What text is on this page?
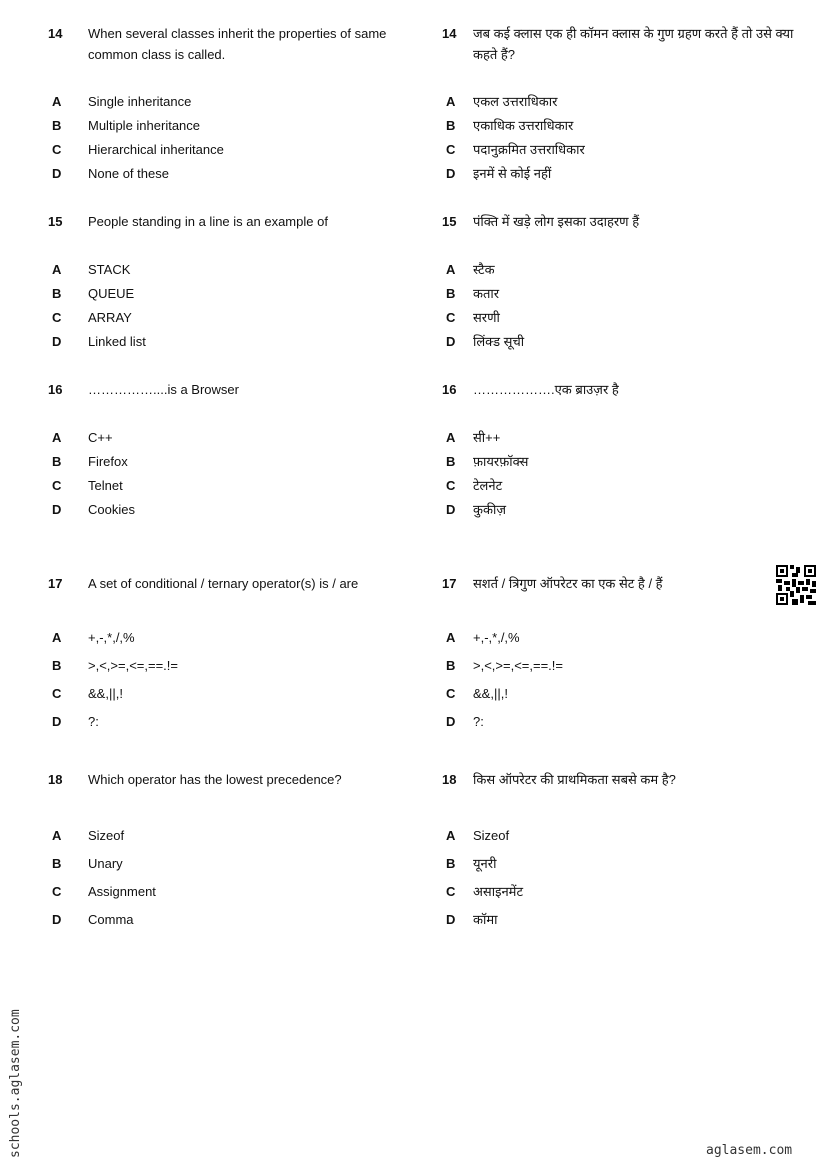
14 When several classes inherit the properties of same common class is called.
A Single inheritance
B Multiple inheritance
C Hierarchical inheritance
D None of these
15 People standing in a line is an example of
A STACK
B QUEUE
C ARRAY
D Linked list
16 ……………....is a Browser
A C++
B Firefox
C Telnet
D Cookies
17 A set of conditional / ternary operator(s) is / are
A +,-,*,/,%
B >,<,>=,<=,==.!=
C &&,||,!
D ?:
18 Which operator has the lowest precedence?
A Sizeof
B Unary
C Assignment
D Comma
14 जब कई क्लास एक ही कॉमन क्लास के गुण ग्रहण करते हैं तो उसे क्या कहते हैं?
A एकल उत्तराधिकार
B एकाधिक उत्तराधिकार
C पदानुक्रमित उत्तराधिकार
D इनमें से कोई नहीं
15 पंक्ति में खड़े लोग इसका उदाहरण हैं
A स्टैक
B कतार
C सरणी
D लिंक्ड सूची
16 ……………….एक ब्राउज़र है
A सी++
B फ़ायरफ़ॉक्स
C टेलनेट
D कुकीज़
17 सशर्त / त्रिगुण ऑपरेटर का एक सेट है / हैं
A +,-,*,/,%
B >,<,>=,<=,==.!=
C &&,||,!
D ?:
18 किस ऑपरेटर की प्राथमिकता सबसे कम है?
A Sizeof
B यूनरी
C असाइनमेंट
D कॉमा
schools.aglasem.com	aglasem.com
